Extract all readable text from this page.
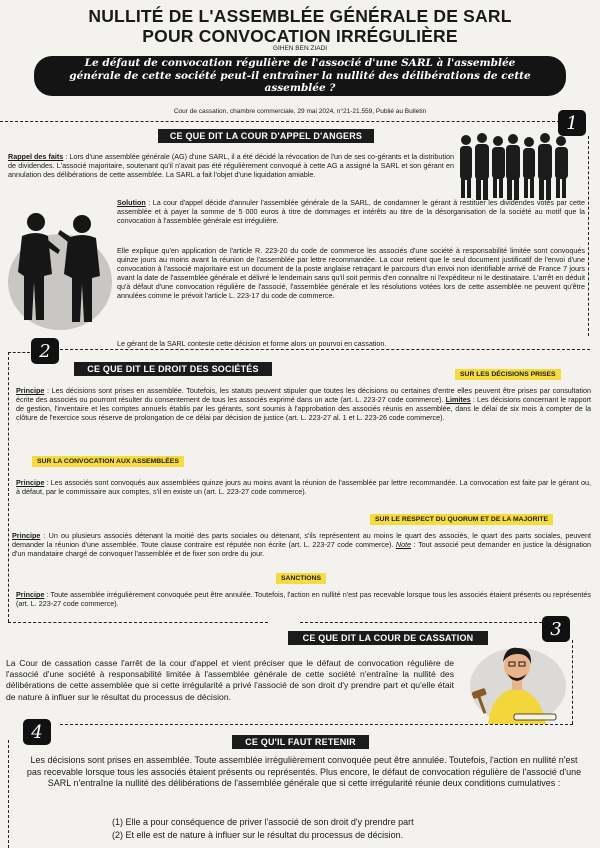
NULLITÉ DE L'ASSEMBLÉE GÉNÉRALE DE SARL
POUR CONVOCATION IRRÉGULIÈRE
GIHEN BEN ZIADI
Le défaut de convocation régulière de l'associé d'une SARL à l'assemblée générale de cette société peut-il entraîner la nullité des délibérations de cette assemblée ?
Cour de cassation, chambre commerciale, 29 mai 2024, n°21-21.559, Publié au Bulletin
1
CE QUE DIT LA COUR D'APPEL D'ANGERS
Rappel des faits : Lors d'une assemblée générale (AG) d'une SARL, il a été décidé la révocation de l'un de ses co-gérants et la distribution de dividendes. L'associé majoritaire, soutenant qu'il n'avait pas été régulièrement convoqué à cette AG a assigné la SARL et son gérant en annulation des délibérations de cette assemblée. La SARL a fait l'objet d'une liquidation amiable.
Solution : La cour d'appel décide d'annuler l'assemblée générale de la SARL, de condamner le gérant à restituer les dividendes votés par cette assemblée et à payer la somme de 5 000 euros à titre de dommages et intérêts au titre de la désorganisation de la société au motif que la convocation à l'assemblée générale est irrégulière.
Elle explique qu'en application de l'article R. 223-20 du code de commerce les associés d'une société à responsabilité limitée sont convoqués quinze jours au moins avant la réunion de l'assemblée par lettre recommandée. La cour retient que le seul document justificatif de l'envoi d'une convocation à l'associé majoritaire est un document de la poste anglaise retraçant le parcours d'un envoi non identifiable arrivé de France 7 jours avant la date de l'assemblée générale et délivré le lendemain sans qu'il soit permis d'en connaître ni l'expéditeur ni le destinataire. L'arrêt en déduit qu'à défaut d'une convocation régulière de l'associé, l'assemblée générale et les résolutions votées lors de cette assemblée ne peuvent qu'être annulées comme le prévoit l'article L. 223-17 du code de commerce.
Le gérant de la SARL conteste cette décision et forme alors un pourvoi en cassation.
2
CE QUE DIT LE DROIT DES SOCIÉTÉS
SUR LES DÉCISIONS PRISES
Principe : Les décisions sont prises en assemblée. Toutefois, les statuts peuvent stipuler que toutes les décisions ou certaines d'entre elles peuvent être prises par consultation écrite des associés ou pourront résulter du consentement de tous les associés exprimé dans un acte (art. L. 223-27 code commerce). Limites : Les décisions concernant le rapport de gestion, l'inventaire et les comptes annuels établis par les gérants, sont soumis à l'approbation des associés réunis en assemblée, dans le délai de six mois à compter de la clôture de l'exercice sous réserve de prolongation de ce délai par décision de justice (art. L. 223-27 al. 1 et L. 223-26 code commerce).
SUR LA CONVOCATION AUX ASSEMBLÉES
Principe : Les associés sont convoqués aux assemblées quinze jours au moins avant la réunion de l'assemblée par lettre recommandée. La convocation est faite par le gérant ou, à défaut, par le commissaire aux comptes, s'il en existe un (art. L. 223-27 code commerce).
SUR LE RESPECT DU QUORUM ET DE LA MAJORITE
Principe : Un ou plusieurs associés détenant la moitié des parts sociales ou détenant, s'ils représentent au moins le quart des associés, le quart des parts sociales, peuvent demander la réunion d'une assemblée. Toute clause contraire est réputée non écrite (art. L. 223-27 code commerce). Note : Tout associé peut demander en justice la désignation d'un mandataire chargé de convoquer l'assemblée et de fixer son ordre du jour.
SANCTIONS
Principe : Toute assemblée irrégulièrement convoquée peut être annulée. Toutefois, l'action en nullité n'est pas recevable lorsque tous les associés étaient présents ou représentés (art. L. 223-27 code commerce).
3
CE QUE DIT LA COUR DE CASSATION
La Cour de cassation casse l'arrêt de la cour d'appel et vient préciser que le défaut de convocation régulière de l'associé d'une société à responsabilité limitée à l'assemblée générale de cette société n'entraîne la nullité des délibérations de cette assemblée que si cette irrégularité a privé l'associé de son droit d'y prendre part et qu'elle était de nature à influer sur le résultat du processus de décision.
4	CE QU'IL FAUT RETENIR
Les décisions sont prises en assemblée. Toute assemblée irrégulièrement convoquée peut être annulée. Toutefois, l'action en nullité n'est pas recevable lorsque tous les associés étaient présents ou représentés. Plus encore, le défaut de convocation régulière de l'associé d'une SARL n'entraîne la nullité des délibérations de l'assemblée générale que si cette irrégularité réunie deux conditions cumulatives :
(1) Elle a pour conséquence de priver l'associé de son droit d'y prendre part
(2) Et elle est de nature à influer sur le résultat du processus de décision.
